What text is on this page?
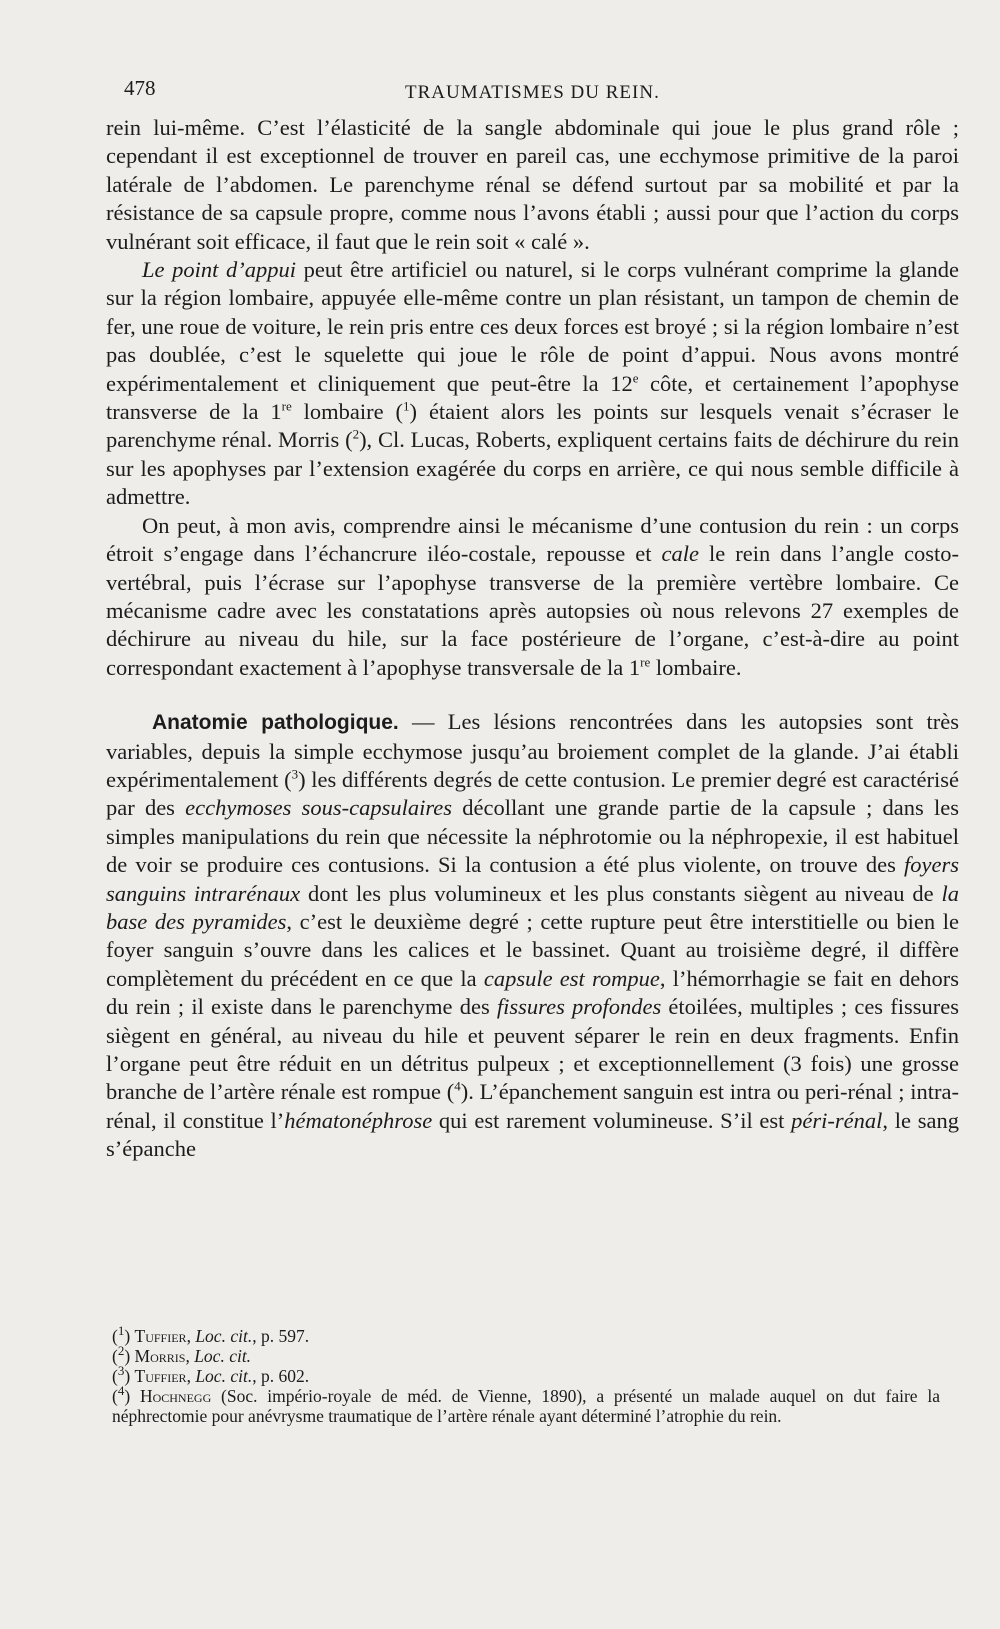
478	TRAUMATISMES DU REIN.

rein lui-même. C’est l’élasticité de la sangle abdominale qui joue le plus grand rôle ; cependant il est exceptionnel de trouver en pareil cas, une ecchymose primitive de la paroi latérale de l’abdomen. Le parenchyme rénal se défend surtout par sa mobilité et par la résistance de sa capsule propre, comme nous l’avons établi ; aussi pour que l’action du corps vulnérant soit efficace, il faut que le rein soit « calé ».

Le point d’appui peut être artificiel ou naturel, si le corps vulnérant comprime la glande sur la région lombaire, appuyée elle-même contre un plan résistant, un tampon de chemin de fer, une roue de voiture, le rein pris entre ces deux forces est broyé ; si la région lombaire n’est pas doublée, c’est le squelette qui joue le rôle de point d’appui. Nous avons montré expérimentalement et cliniquement que peut-être la 12e côte, et certainement l’apophyse transverse de la 1re lombaire ($^1$) étaient alors les points sur lesquels venait s’écraser le parenchyme rénal. Morris ($^2$), Cl. Lucas, Roberts, expliquent certains faits de déchirure du rein sur les apophyses par l’extension exagérée du corps en arrière, ce qui nous semble difficile à admettre.

On peut, à mon avis, comprendre ainsi le mécanisme d’une contusion du rein : un corps étroit s’engage dans l’échancrure iléo-costale, repousse et cale le rein dans l’angle costo-vertébral, puis l’écrase sur l’apophyse transverse de la première vertèbre lombaire. Ce mécanisme cadre avec les constatations après autopsies où nous relevons 27 exemples de déchirure au niveau du hile, sur la face postérieure de l’organe, c’est-à-dire au point correspondant exactement à l’apophyse transversale de la 1re lombaire.

Anatomie pathologique. — Les lésions rencontrées dans les autopsies sont très variables, depuis la simple ecchymose jusqu’au broiement complet de la glande. J’ai établi expérimentalement ($^3$) les différents degrés de cette contusion. Le premier degré est caractérisé par des ecchymoses sous-capsulaires décollant une grande partie de la capsule ; dans les simples manipulations du rein que nécessite la néphrotomie ou la néphropexie, il est habituel de voir se produire ces contusions. Si la contusion a été plus violente, on trouve des foyers sanguins intrarénaux dont les plus volumineux et les plus constants siègent au niveau de la base des pyramides, c’est le deuxième degré ; cette rupture peut être interstitielle ou bien le foyer sanguin s’ouvre dans les calices et le bassinet. Quant au troisième degré, il diffère complètement du précédent en ce que la capsule est rompue, l’hémorrhagie se fait en dehors du rein ; il existe dans le parenchyme des fissures profondes étoilées, multiples ; ces fissures siègent en général, au niveau du hile et peuvent séparer le rein en deux fragments. Enfin l’organe peut être réduit en un détritus pulpeux ; et exceptionnellement (3 fois) une grosse branche de l’artère rénale est rompue ($^4$). L’épanchement sanguin est intra ou peri-rénal ; intra-rénal, il constitue l’hématonéphrose qui est rarement volumineuse. S’il est péri-rénal, le sang s’épanche

($^1$) Tuffier, Loc. cit., p. 597.

($^2$) Morris, Loc. cit.

($^3$) Tuffier, Loc. cit., p. 602.

($^4$) Hochnegg (Soc. império-royale de méd. de Vienne, 1890), a présenté un malade auquel on dut faire la néphrectomie pour anévrysme traumatique de l’artère rénale ayant déterminé l’atrophie du rein.
